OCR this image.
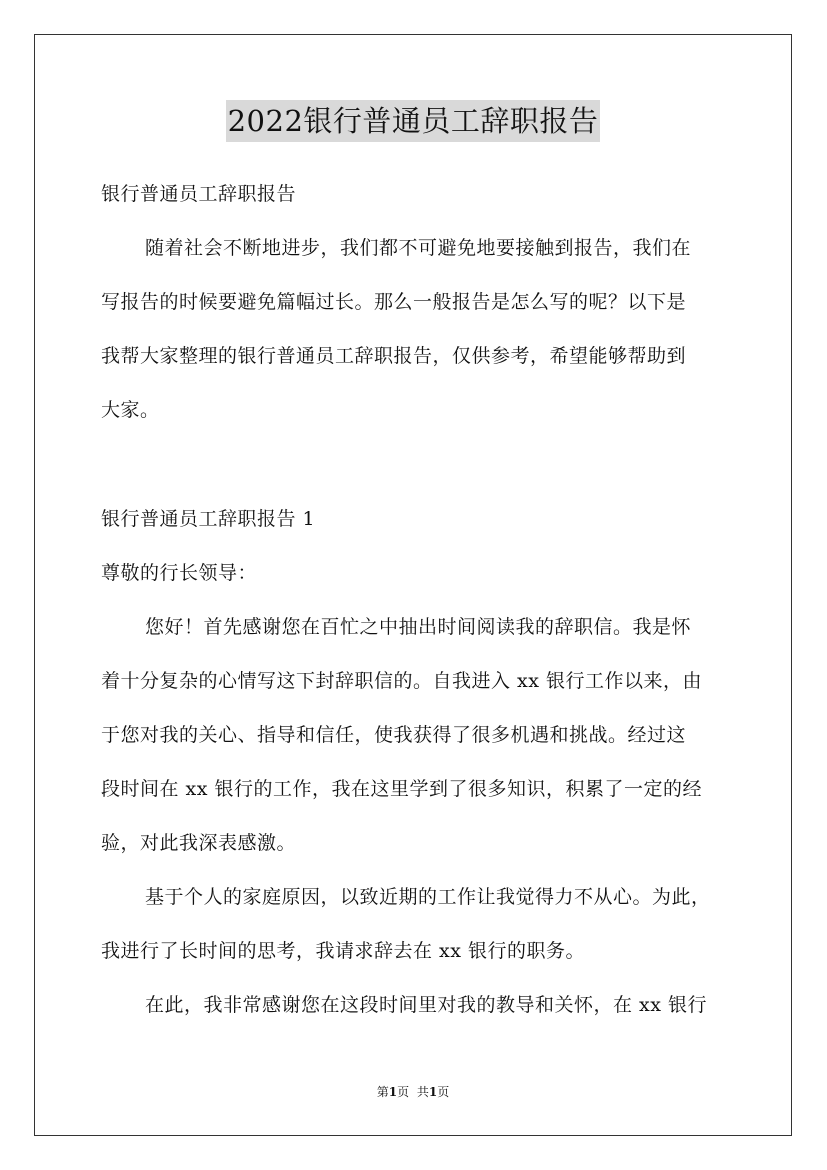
2022银行普通员工辞职报告
银行普通员工辞职报告
随着社会不断地进步，我们都不可避免地要接触到报告，我们在
写报告的时候要避免篇幅过长。那么一般报告是怎么写的呢？以下是
我帮大家整理的银行普通员工辞职报告，仅供参考，希望能够帮助到
大家。
银行普通员工辞职报告 1
尊敬的行长领导：
您好！首先感谢您在百忙之中抽出时间阅读我的辞职信。我是怀
着十分复杂的心情写这下封辞职信的。自我进入 xx 银行工作以来，由
于您对我的关心、指导和信任，使我获得了很多机遇和挑战。经过这
段时间在 xx 银行的工作，我在这里学到了很多知识，积累了一定的经
验，对此我深表感激。
基于个人的家庭原因，以致近期的工作让我觉得力不从心。为此，
我进行了长时间的思考，我请求辞去在 xx 银行的职务。
在此，我非常感谢您在这段时间里对我的教导和关怀，在 xx 银行
第1页 共1页
